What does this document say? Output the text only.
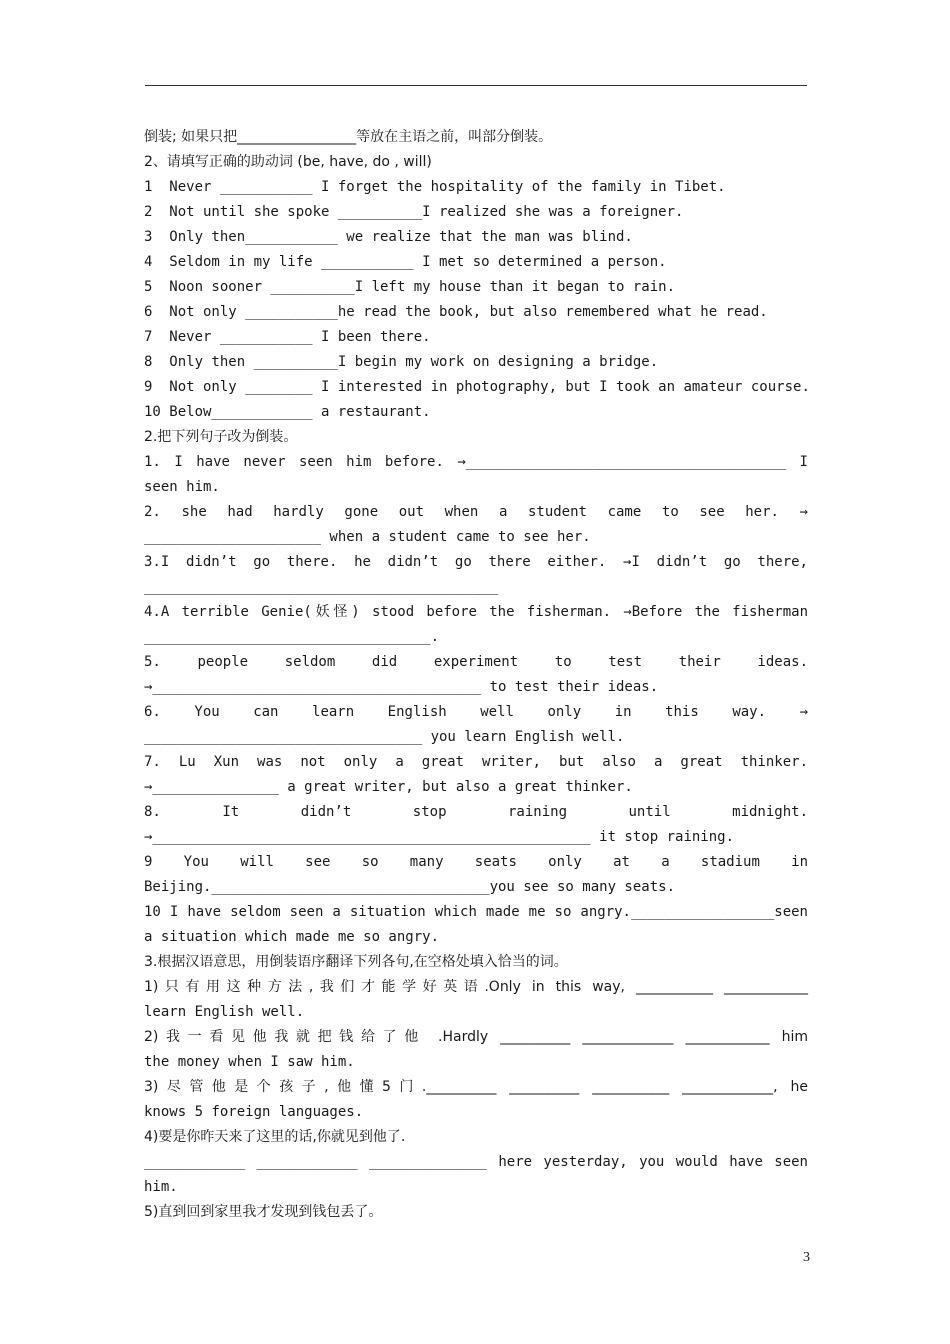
倒装; 如果只把_________________等放在主语之前，叫部分倒装。
2、请填写正确的助动词 (be, have, do , will)
1  Never ___________ I forget the hospitality of the family in Tibet.
2  Not until she spoke __________I realized she was a foreigner.
3  Only then___________ we realize that the man was blind.
4  Seldom in my life ___________ I met so determined a person.
5  Noon sooner __________I left my house than it began to rain.
6  Not only ___________he read the book, but also remembered what he read.
7  Never ___________ I been there.
8  Only then __________I begin my work on designing a bridge.
9  Not only ________ I interested in photography, but I took an amateur course.
10 Below____________ a restaurant.
2.把下列句子改为倒装。
1. I have never seen him before. →______________________________________ I
seen him.
2. she had hardly gone out when a student came to see her. →
_____________________ when a student came to see her.
3.I didn’t go there. he didn’t go there either. →I didn’t go there,
__________________________________________
4.A terrible Genie(妖怪) stood before the fisherman. →Before the fisherman
__________________________________.
5. people seldom did experiment to test their ideas.
→_______________________________________ to test their ideas.
6. You can learn English well only in this way. →
_________________________________ you learn English well.
7. Lu Xun was not only a great writer, but also a great thinker.
→_______________ a great writer, but also a great thinker.
8. It didn’t stop raining until midnight.
→____________________________________________________ it stop raining.
9 You will see so many seats only at a stadium in
Beijing._________________________________you see so many seats.
10 I have seldom seen a situation which made me so angry._________________seen
a situation which made me so angry.
3.根据汉语意思，用倒装语序翻译下列各句,在空格处填入恰当的词。
1)只有用这种方法,我们才能学好英语.Only in this way, ___________ ____________
learn English well.
2)我一看见他我就把钱给了他 .Hardly __________ _____________ ____________ him
the money when I saw him.
3)尽管他是个孩子,他懂5门.__________ __________ ___________ _____________, he
knows 5 foreign languages.
4)要是你昨天来了这里的话,你就见到他了.
____________ ____________ ______________ here yesterday, you would have seen
him.
5)直到回到家里我才发现到钱包丢了。
3
